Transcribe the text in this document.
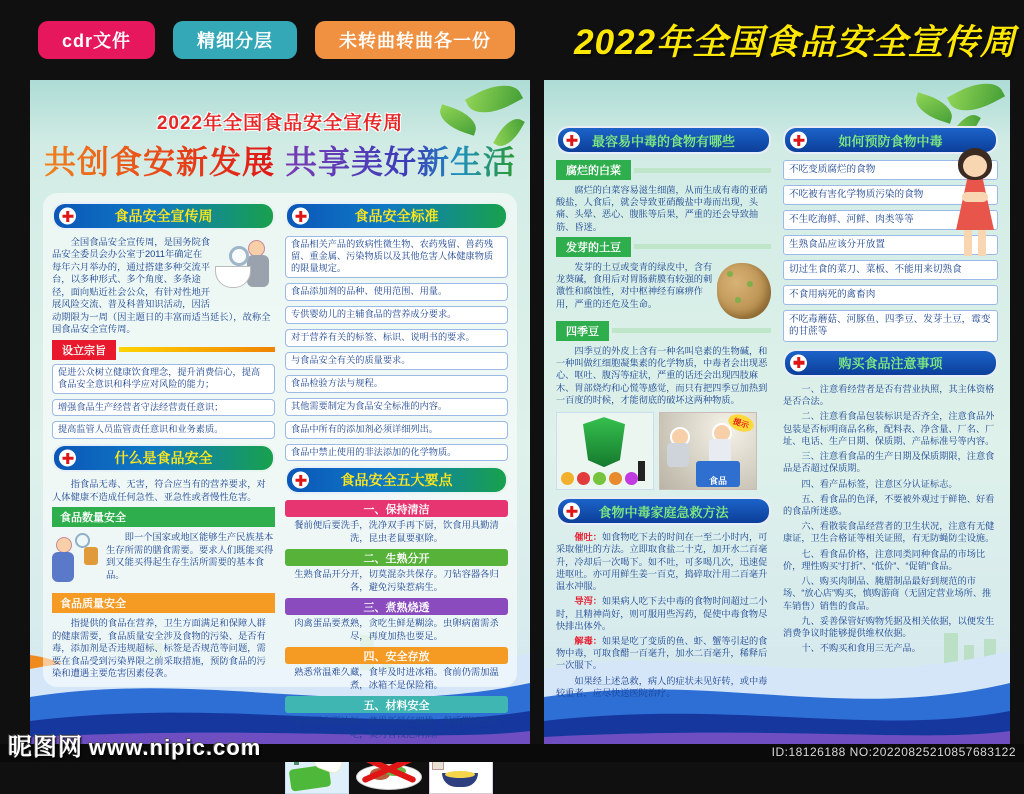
cdr文件	精细分层	未转曲转曲各一份	2022年全国食品安全宣传周
2022年全国食品安全宣传周
共创食安新发展 共享美好新生活
食品安全宣传周

全国食品安全宣传周，是国务院食品安全委员会办公室于2011年确定在每年六月举办的，通过搭建多种交流平台，以多种形式、多个角度、多条途径，面向贴近社会公众，有针对性地开展风险交流、普及科普知识活动，因活动期限为一周（因主题日的丰富而适当延长），故称全国食品安全宣传周。

设立宗旨
促进公众树立健康饮食理念，提升消费信心，提高食品安全意识和科学应对风险的能力；
增强食品生产经营者守法经营责任意识；
提高监管人员监管责任意识和业务素质。
什么是食品安全

指食品无毒、无害，符合应当有的营养要求，对人体健康不造成任何急性、亚急性或者慢性危害。

食品数量安全

即一个国家或地区能够生产民族基本生存所需的膳食需要。要求人们既能买得到又能买得起生存生活所需要的基本食品。

食品质量安全

指提供的食品在营养，卫生方面满足和保障人群的健康需要，食品质量安全涉及食物的污染、是否有毒，添加剂是否违规超标、标签是否规范等问题，需要在食品受到污染界限之前采取措施，预防食品的污染和遭遇主要危害因素侵袭。

食品安全标准
食品相关产品的致病性微生物、农药残留、兽药残留、重金属、污染物质以及其他危害人体健康物质的限量规定。
食品添加剂的品种、使用范围、用量。
专供婴幼儿的主辅食品的营养成分要求。
对于营养有关的标签、标识、说明书的要求。
与食品安全有关的质量要求。
食品检验方法与规程。
其他需要制定为食品安全标准的内容。
食品中所有的添加剂必须详细列出。
食品中禁止使用的非法添加的化学物质。
食品安全五大要点
一、保持清洁

餐前便后要洗手，洗净双手再下厨，饮食用具勤清洗，昆虫老鼠要驱除。

二、生熟分开

生熟食品开分开，切莫混杂共保存。刀钻容器各归各，避免污染惹病生。

三、煮熟烧透

肉禽蛋品要煮熟，贪吃生鲜是糊涂。虫卵病菌需杀尽，再度加热也要足。

四、安全存放

熟悉常温难久藏，食毕及时进冰箱。食前仍需加温煮，冰箱不是保险箱。

五、材料安全

饮食用水要达标，菜果新鲜仔细桃。保质期过不再吃，莫为省钱把病招。

最容易中毒的食物有哪些
腐烂的白菜

腐烂的白菜容易滋生细菌，从而生成有毒的亚硝酸盐，人食后，就会导致亚硝酸盐中毒而出现，头痛、头晕、恶心、腹胀等后果，严重的还会导致抽筋、昏迷。

发芽的土豆

发芽的土豆或变青的绿皮中，含有龙葵碱，食用后对胃肠薪膜有较强的刺激性和腐蚀性，对中枢神经有麻痹作用，严重的还危及生命。

四季豆

四季豆的外皮上含有一种名叫皂素的生物碱，和一种叫做红细胞凝集素的化学物质，中毒者会出现恶心、呕吐、腹泻等症状，严重的话还会出现四肢麻木、胃部烧灼和心慌等感觉，而只有把四季豆加热到一百度的时候，才能彻底的破坏这两种物质。

食品
提示
食物中毒家庭急救方法

催吐：如食物吃下去的时间在一至二小时内，可采取催吐的方法。立即取食盐二十克，加开水二百毫升，冷却后一次喝下。如不吐，可多喝几次，迅速促进呕吐。亦可用鲜生姜一百克，捣碎取汁用二百毫升温水冲服。

导泻：如果病人吃下去中毒的食物时间超过二小时，且精神尚好，则可服用些泻药，促使中毒食物尽快排出体外。

解毒：如果是吃了变质的鱼、虾、蟹等引起的食物中毒，可取食醋一百毫升，加水二百毫升，稀释后一次服下。

如果经上述急救，病人的症状未见好转，或中毒较重者，应尽快送医院治疗。

如何预防食物中毒
不吃变质腐烂的食物
不吃被有害化学物质污染的食物
不生吃海鲜、河鲜、肉类等等
生熟食品应该分开放置
切过生食的菜刀、菜板、不能用来切熟食
不食用病死的禽畜肉
不吃毒蘑菇、河豚鱼、四季豆、发芽土豆，霉变的甘蔗等
购买食品注意事项

一、注意看经营者是否有营业执照，其主体资格是否合法。

二、注意看食品包装标识是否齐全，注意食品外包装是否标明商品名称，配料表、净含量、厂名、厂址、电话、生产日期、保质期、产品标准号等内容。

三、注意看食品的生产日期及保质期限，注意食品是否超过保质期。

四、看产品标签，注意区分认证标志。

五、看食品的色泽，不要被外观过于鲜艳、好看的食品所迷惑。

六、看散装食品经营者的卫生状况，注意有无健康证，卫生合格证等相关证照，有无防蝇防尘设施。

七、看食品价格，注意同类同种食品的市场比价，理性购买“打折”、“低价”、“促销”食品。

八、购买肉制品、腌腊制品最好到规范的市场、“放心店”购买，慎购游商（无固定营业场所、推车销售）销售的食品。

九、妥善保管好购物凭据及相关依据，以便发生消费争议时能够提供维权依据。

十、不购买和食用三无产品。

昵图网 www.nipic.com	ID:18126188 NO:20220825210857683122
